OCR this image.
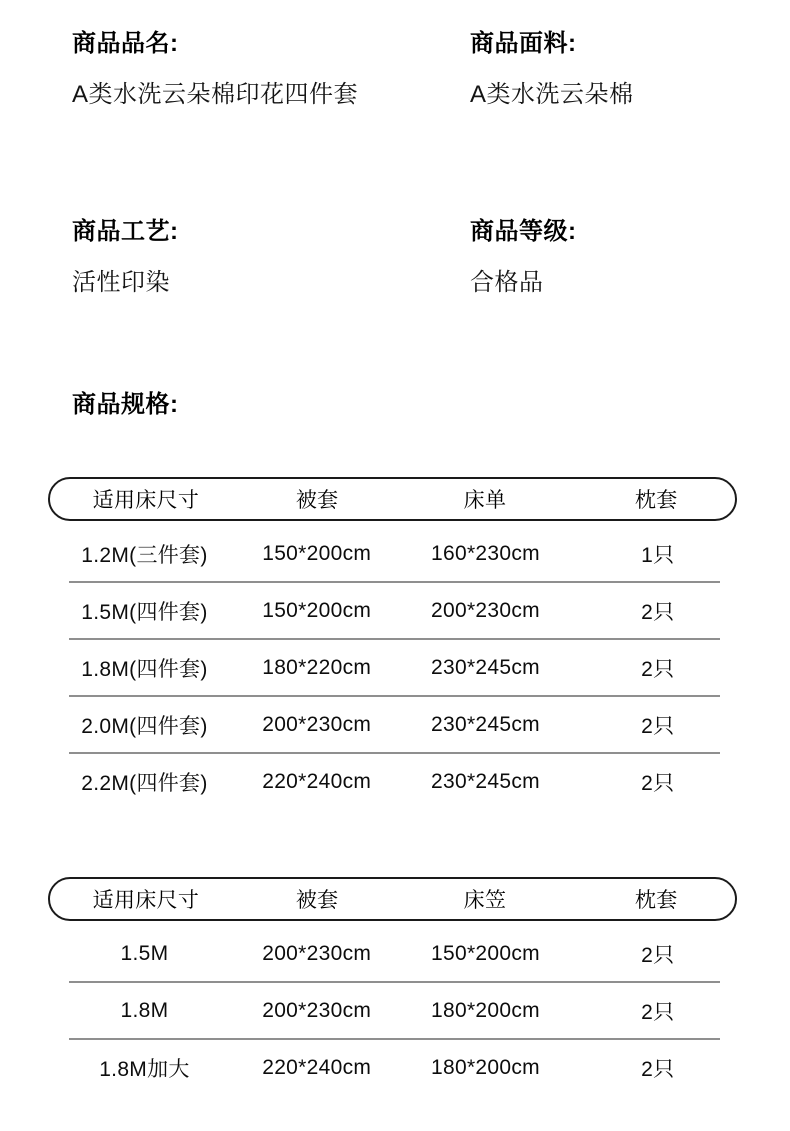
商品品名:
A类水洗云朵棉印花四件套
商品面料:
A类水洗云朵棉
商品工艺:
活性印染
商品等级:
合格品
商品规格:
适用床尺寸	被套	床单	枕套
1.2M(三件套)	150*200cm	160*230cm	1只
1.5M(四件套)	150*200cm	200*230cm	2只
1.8M(四件套)	180*220cm	230*245cm	2只
2.0M(四件套)	200*230cm	230*245cm	2只
2.2M(四件套)	220*240cm	230*245cm	2只
适用床尺寸	被套	床笠	枕套
1.5M	200*230cm	150*200cm	2只
1.8M	200*230cm	180*200cm	2只
1.8M加大	220*240cm	180*200cm	2只
